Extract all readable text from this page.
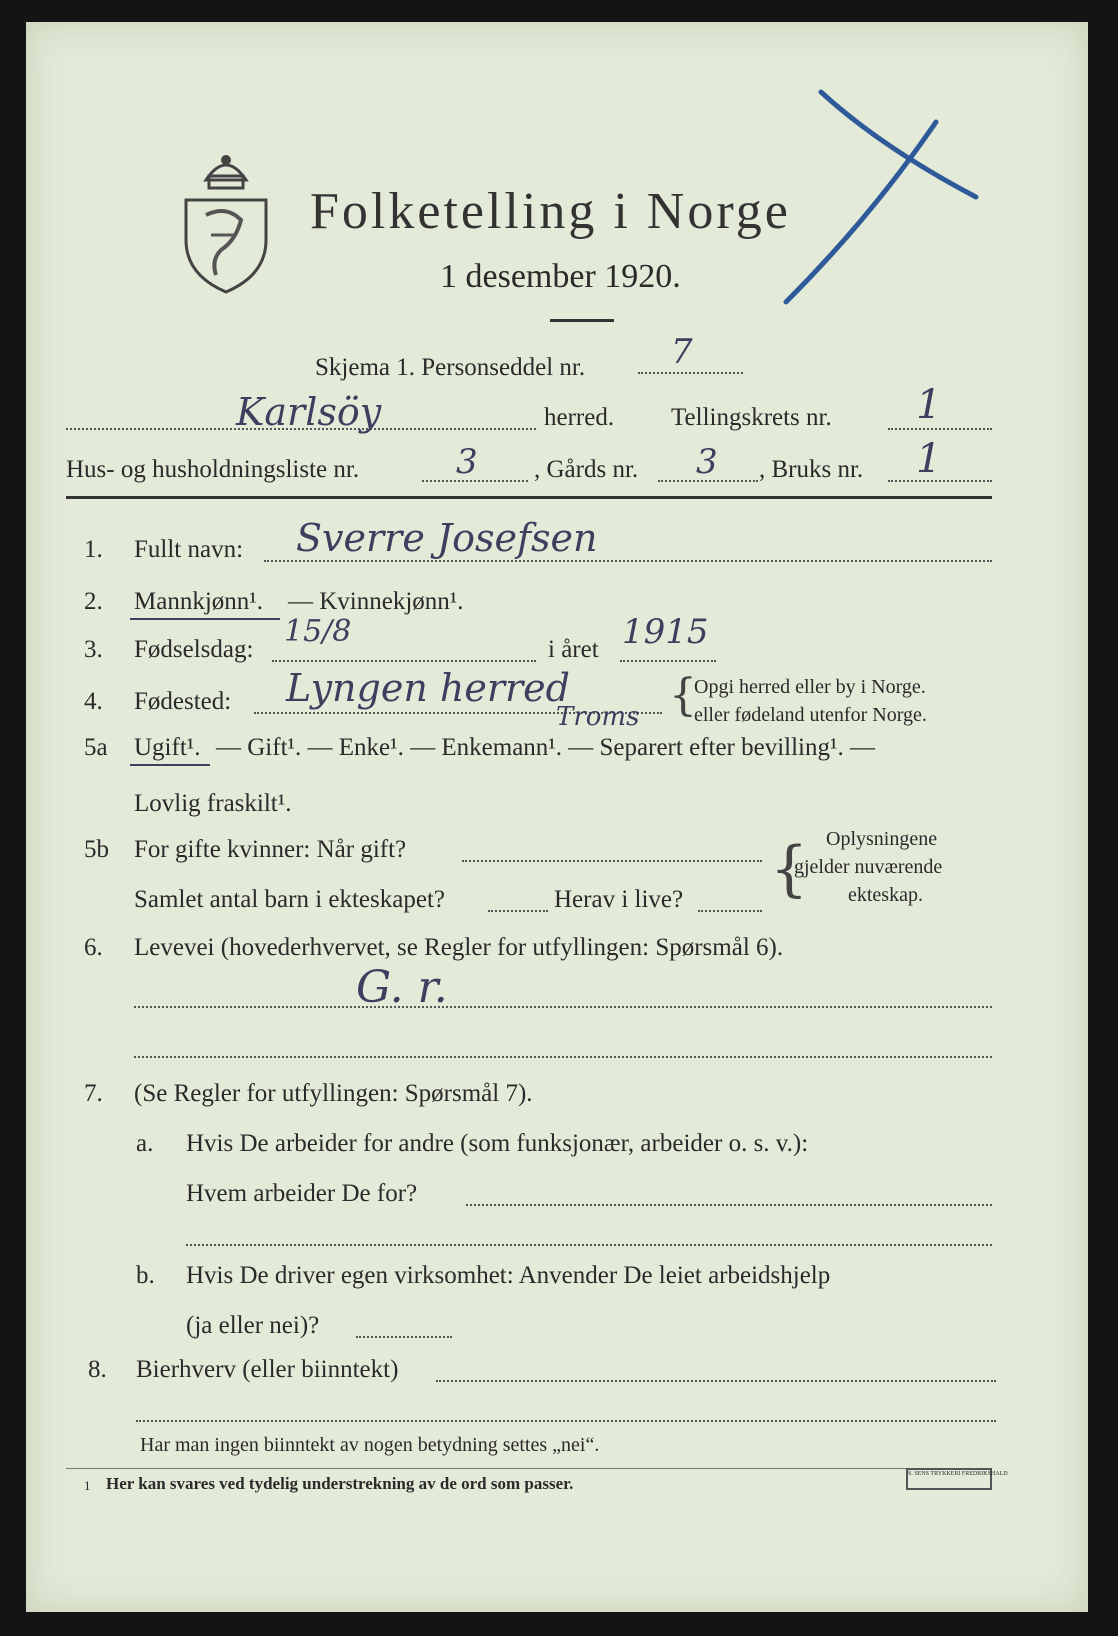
Folketelling i Norge
1 desember 1920.
Skjema 1. Personseddel nr.	7
Karlsöy	herred. Tellingskrets nr. 1
Hus- og husholdningsliste nr.	3 , Gårds nr. 3 , Bruks nr. 1
1. Fullt navn: Sverre Josefsen
2. Mannkjønn¹. — Kvinnekjønn¹.
3. Fødselsdag:
15/8
i året 1915
4. Fødested: Lyngen herred
Troms {
Opgi herred eller by i Norge.
eller fødeland utenfor Norge.
5a Ugift¹. — Gift¹. — Enke¹. — Enkemann¹. — Separert efter bevilling¹. —
Lovlig fraskilt¹.
5b For gifte kvinner: Når gift?
Samlet antal barn i ekteskapet?	Herav i live? { Oplysningene
gjelder nuværende
ekteskap.
6. Levevei (hovederhvervet, se Regler for utfyllingen: Spørsmål 6).
G. r.
7. (Se Regler for utfyllingen: Spørsmål 7).
a. Hvis De arbeider for andre (som funksjonær, arbeider o. s. v.):
Hvem arbeider De for?
b. Hvis De driver egen virksomhet: Anvender De leiet arbeidshjelp
(ja eller nei)?
8. Bierhverv (eller biinntekt)
Har man ingen biinntekt av nogen betydning settes „nei“.
1 Her kan svares ved tydelig understrekning av de ord som passer.	S. SENS TRYKKERI FREDRIKSHALD
